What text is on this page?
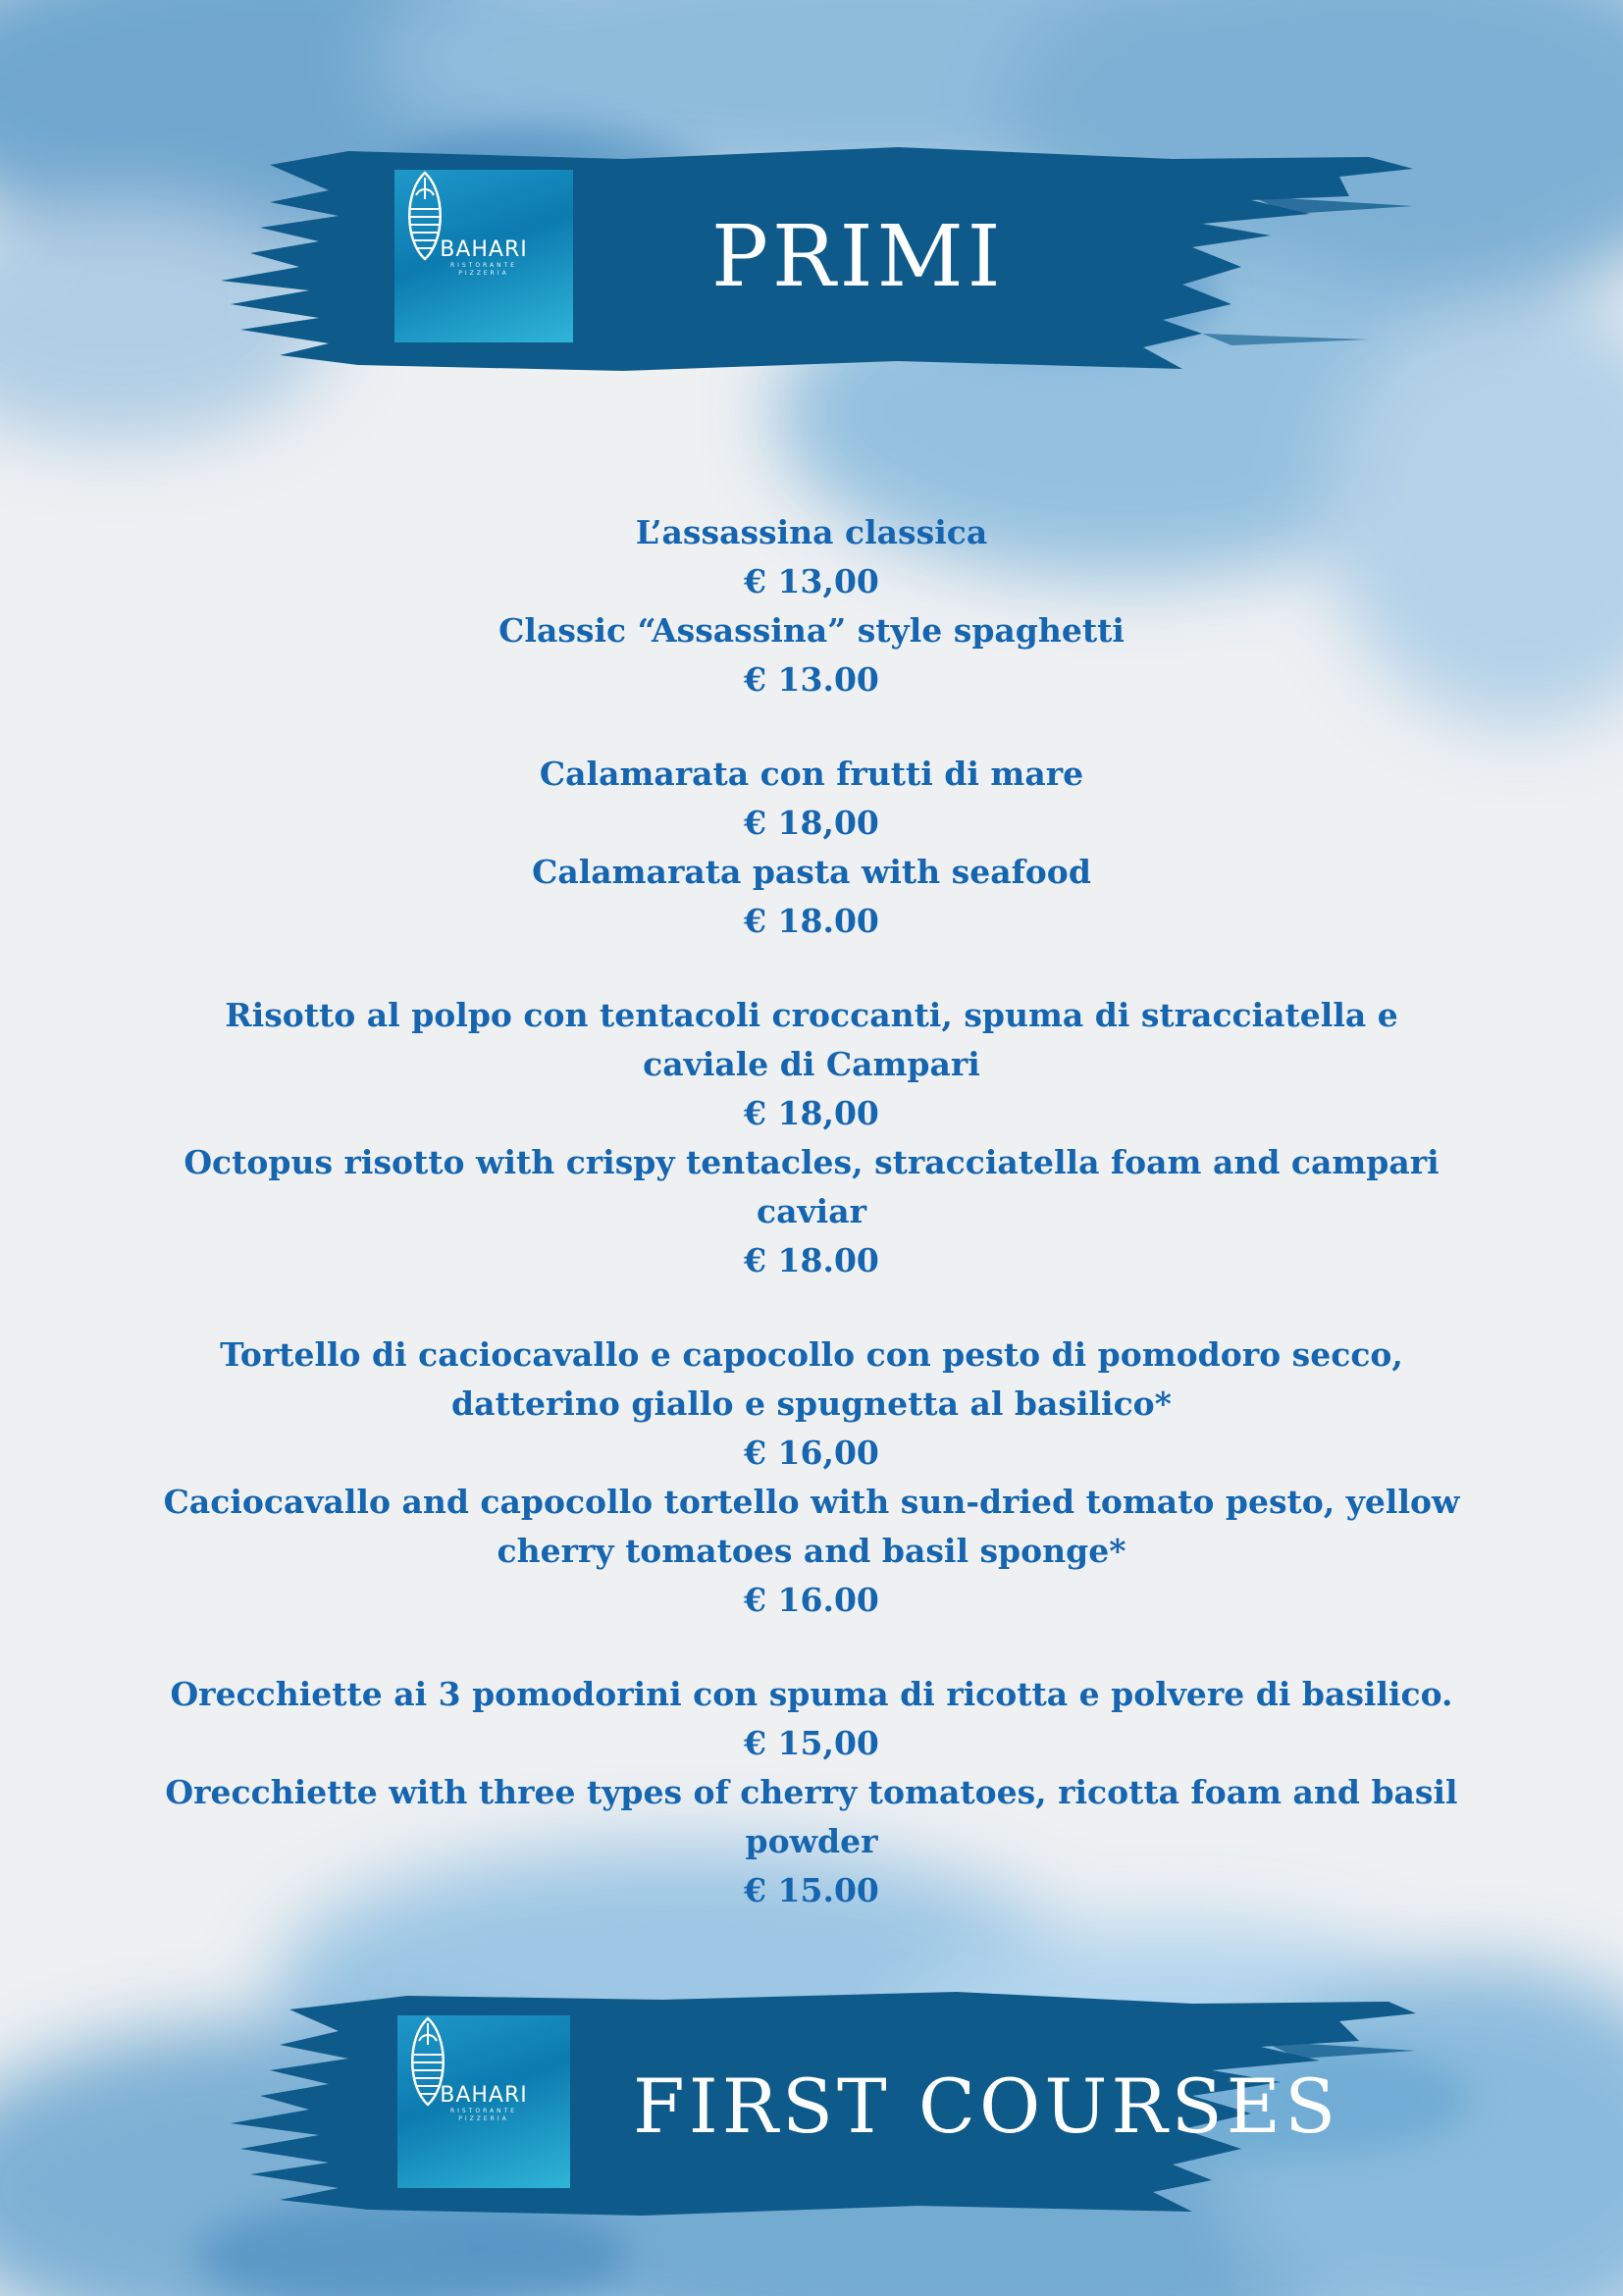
BAHARI
RISTORANTE
PIZZERIA PRIMI
L’assassina classica
€ 13,00
Classic “Assassina” style spaghetti
€ 13.00
Calamarata con frutti di mare
€ 18,00
Calamarata pasta with seafood
€ 18.00
Risotto al polpo con tentacoli croccanti, spuma di stracciatella e caviale di Campari
€ 18,00
Octopus risotto with crispy tentacles, stracciatella foam and campari caviar
€ 18.00
Tortello di caciocavallo e capocollo con pesto di pomodoro secco, datterino giallo e spugnetta al basilico*
€ 16,00
Caciocavallo and capocollo tortello with sun-dried tomato pesto, yellow cherry tomatoes and basil sponge*
€ 16.00
Orecchiette ai 3 pomodorini con spuma di ricotta e polvere di basilico.
€ 15,00
Orecchiette with three types of cherry tomatoes, ricotta foam and basil powder
€ 15.00
BAHARI
RISTORANTE
PIZZERIA FIRST COURSES
